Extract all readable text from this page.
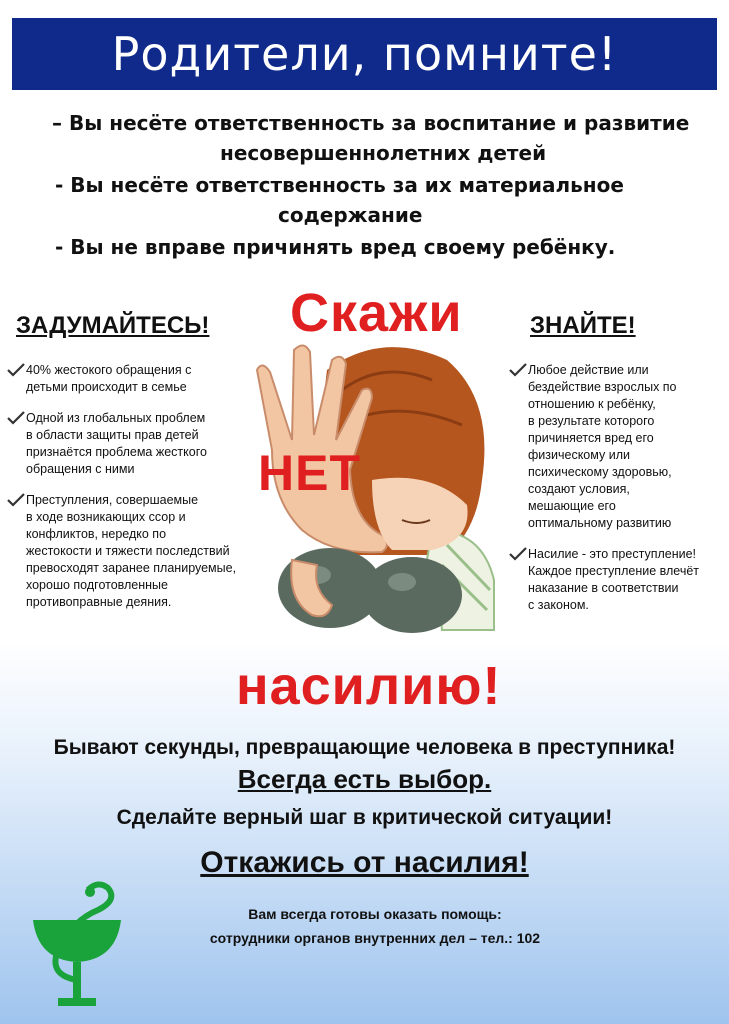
Родители, помните!
– Вы несёте ответственность за воспитание и развитие
несовершеннолетних детей
- Вы несёте ответственность за их материальное
содержание
- Вы не вправе причинять вред своему ребёнку.
ЗАДУМАЙТЕСЬ!
40% жестокого обращения с
детьми происходит в семье
Одной из глобальных проблем
в области защиты прав детей
признаётся проблема жесткого
обращения с ними
Преступления, совершаемые
в ходе возникающих ссор и
конфликтов, нередко по
жестокости и тяжести последствий
превосходят заранее планируемые,
хорошо подготовленные
противоправные деяния.
ЗНАЙТЕ!
Любое действие или
бездействие взрослых по
отношению к ребёнку,
в результате которого
причиняется вред его
физическому или
психическому здоровью,
создают условия,
мешающие его
оптимальному развитию
Насилие - это преступление!
Каждое преступление влечёт
наказание в соответствии
с законом.
Скажи
НЕТ
насилию!
Бывают секунды, превращающие человека в преступника!
Всегда есть выбор.
Сделайте верный шаг в критической ситуации!
Откажись от насилия!
Вам всегда готовы оказать помощь:
сотрудники органов внутренних дел – тел.: 102
